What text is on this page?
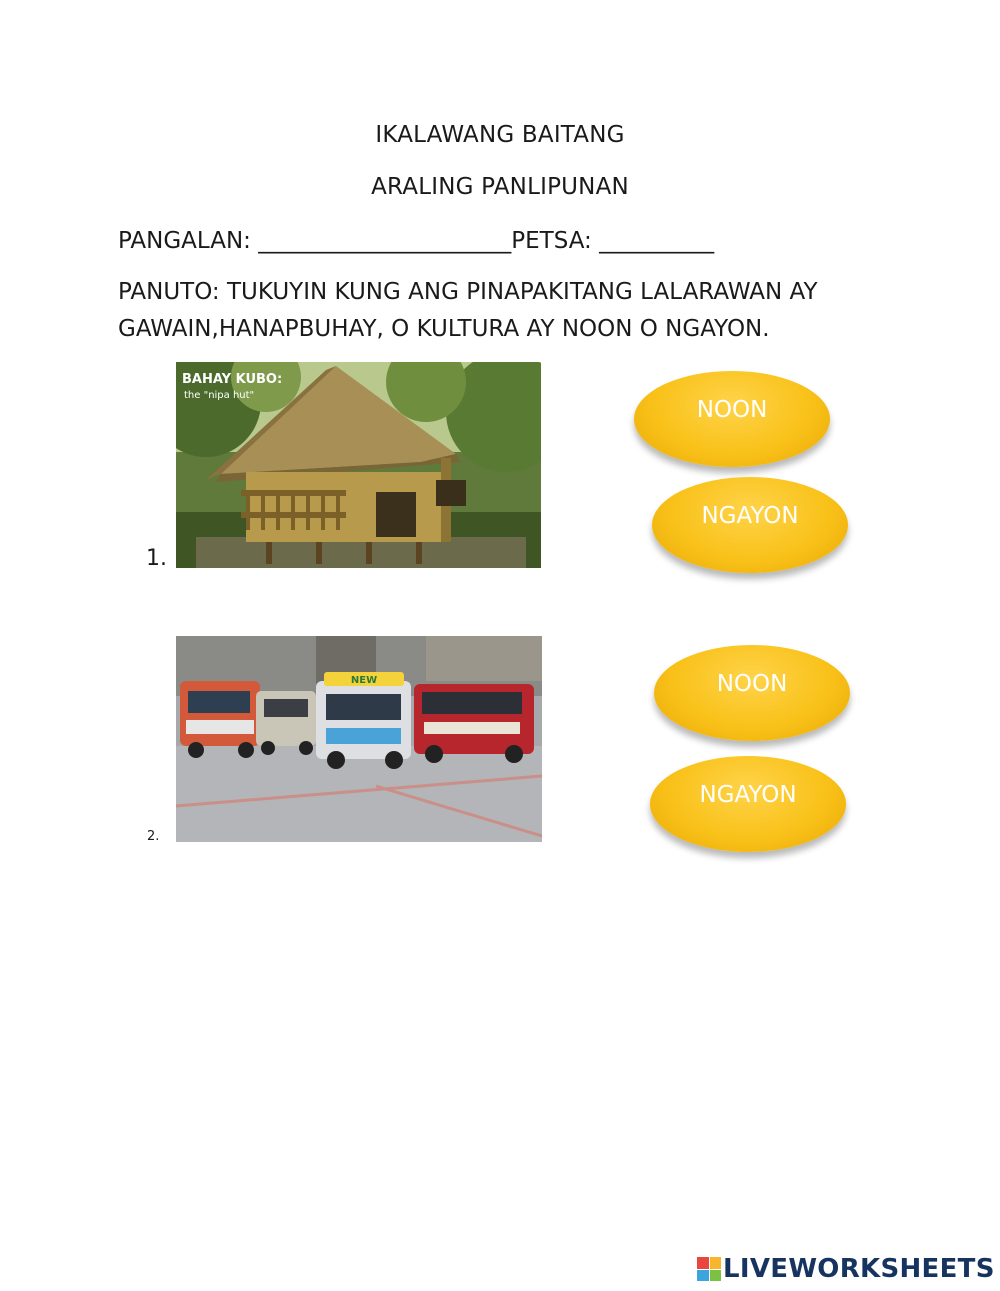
IKALAWANG BAITANG
ARALING PANLIPUNAN
PANGALAN: ______________________PETSA: __________
PANUTO: TUKUYIN KUNG ANG PINAPAKITANG LALARAWAN AY
GAWAIN,HANAPBUHAY, O KULTURA AY NOON O NGAYON.
1.
BAHAY KUBO:
the "nipa hut"
NOON
NGAYON
2.
NEW	NOON
NGAYON
LIVEWORKSHEETS
